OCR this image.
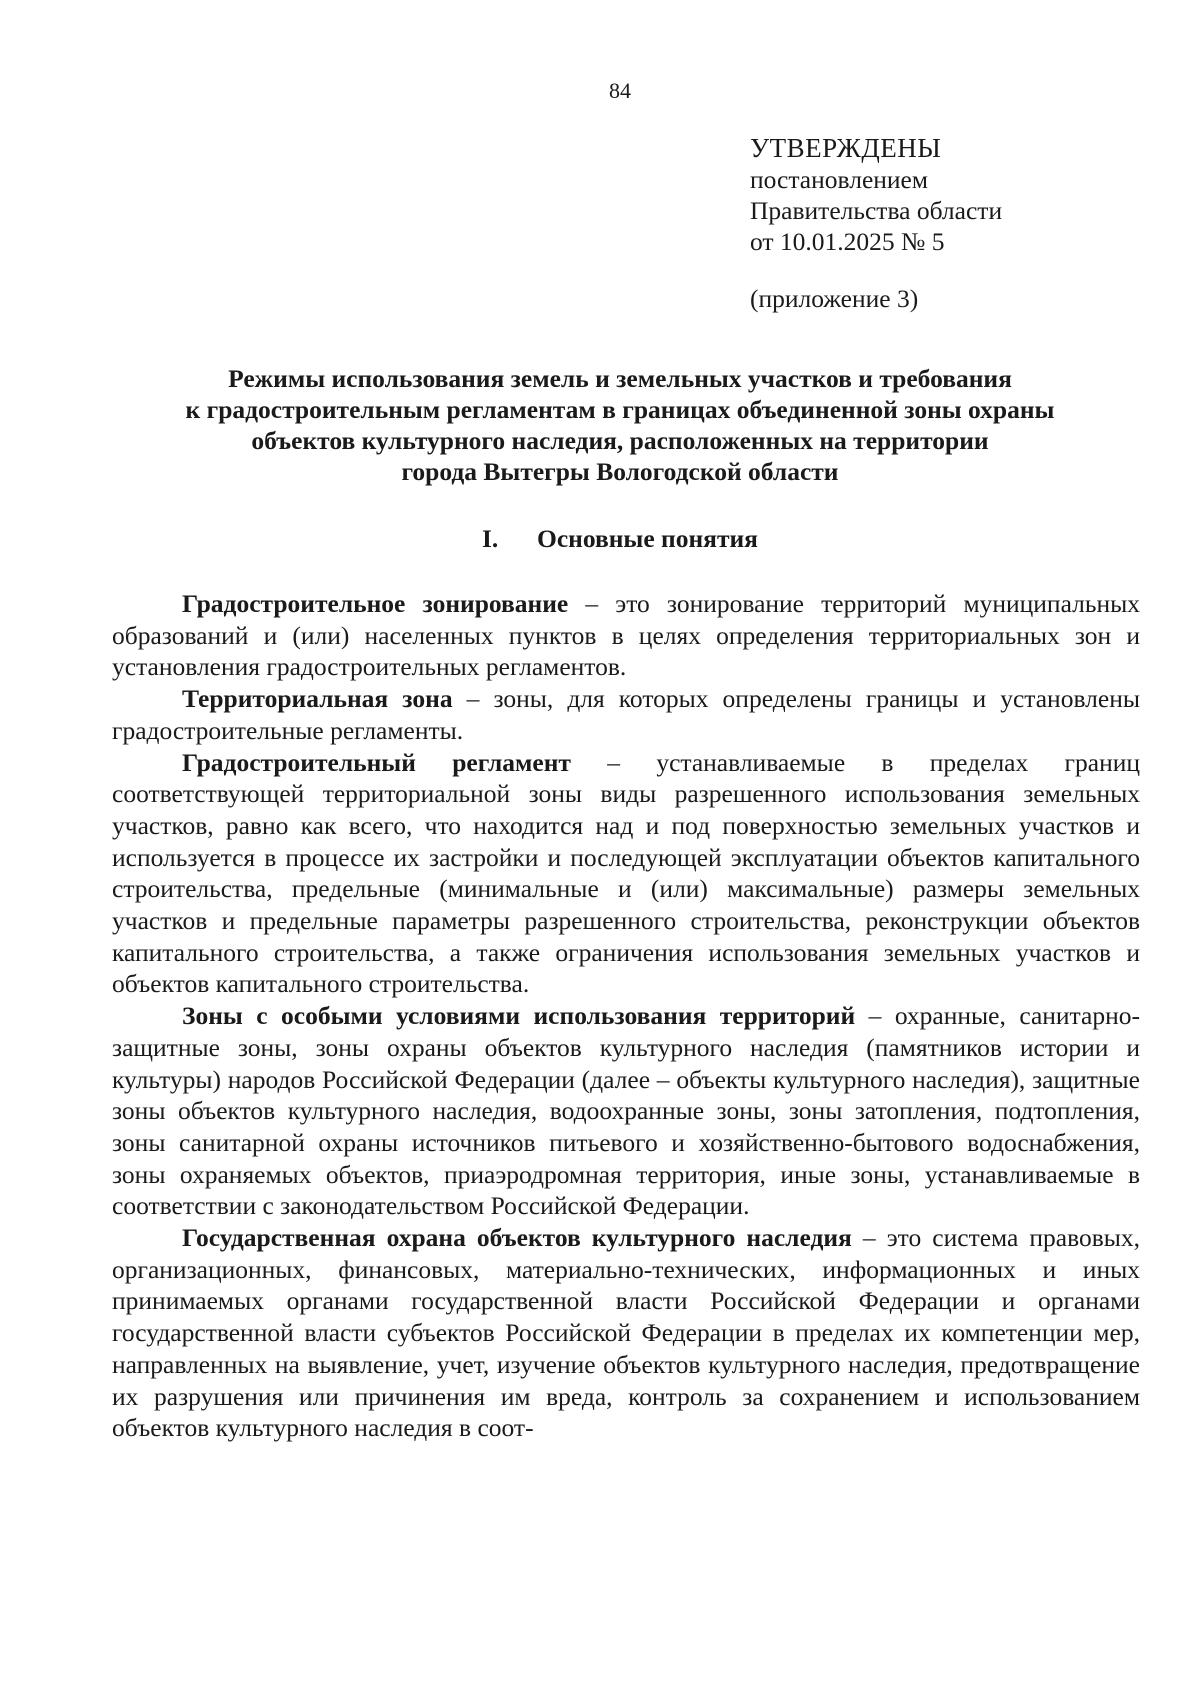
84
УТВЕРЖДЕНЫ
постановлением
Правительства области
от 10.01.2025 № 5
(приложение 3)
Режимы использования земель и земельных участков и требования
к градостроительным регламентам в границах объединенной зоны охраны
объектов культурного наследия, расположенных на территории
города Вытегры Вологодской области
I. Основные понятия

Градостроительное зонирование – это зонирование территорий муниципальных образований и (или) населенных пунктов в целях определения территориальных зон и установления градостроительных регламентов.

Территориальная зона – зоны, для которых определены границы и установлены градостроительные регламенты.

Градостроительный регламент – устанавливаемые в пределах границ соответствующей территориальной зоны виды разрешенного использования земельных участков, равно как всего, что находится над и под поверхностью земельных участков и используется в процессе их застройки и последующей эксплуатации объектов капитального строительства, предельные (минимальные и (или) максимальные) размеры земельных участков и предельные параметры разрешенного строительства, реконструкции объектов капитального строительства, а также ограничения использования земельных участков и объектов капитального строительства.

Зоны с особыми условиями использования территорий – охранные, санитарно-защитные зоны, зоны охраны объектов культурного наследия (памятников истории и культуры) народов Российской Федерации (далее – объекты культурного наследия), защитные зоны объектов культурного наследия, водоохранные зоны, зоны затопления, подтопления, зоны санитарной охраны источников питьевого и хозяйственно-бытового водоснабжения, зоны охраняемых объектов, приаэродромная территория, иные зоны, устанавливаемые в соответствии с законодательством Российской Федерации.

Государственная охрана объектов культурного наследия – это система правовых, организационных, финансовых, материально-технических, информационных и иных принимаемых органами государственной власти Российской Федерации и органами государственной власти субъектов Российской Федерации в пределах их компетенции мер, направленных на выявление, учет, изучение объектов культурного наследия, предотвращение их разрушения или причинения им вреда, контроль за сохранением и использованием объектов культурного наследия в соот-
